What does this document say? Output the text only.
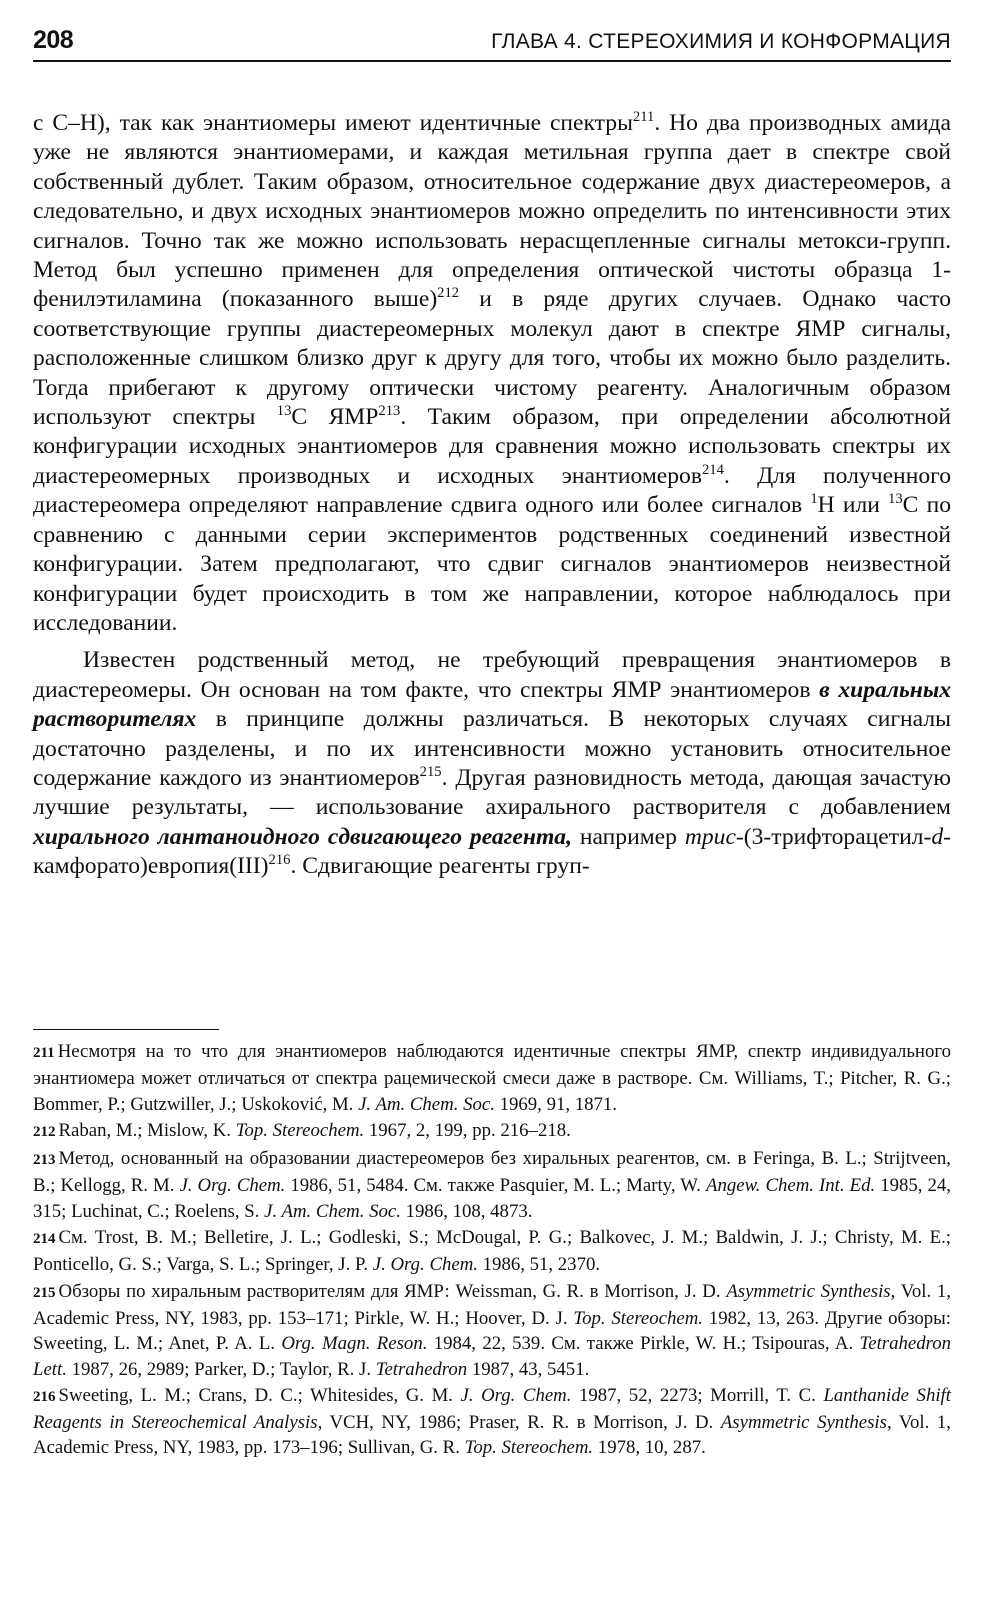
208	ГЛАВА 4. СТЕРЕОХИМИЯ И КОНФОРМАЦИЯ

с C–H), так как энантиомеры имеют идентичные спектры$^{211}$. Но два производных амида уже не являются энантиомерами, и каждая метильная группа дает в спектре свой собственный дублет. Таким образом, относительное содержание двух диастереомеров, а следовательно, и двух исходных энантиомеров можно определить по интенсивности этих сигналов. Точно так же можно использовать нерасщепленные сигналы метокси-групп. Метод был успешно применен для определения оптической чистоты образца 1-фенилэтиламина (показанного выше)$^{212}$ и в ряде других случаев. Однако часто соответствующие группы диастереомерных молекул дают в спектре ЯМР сигналы, расположенные слишком близко друг к другу для того, чтобы их можно было разделить. Тогда прибегают к другому оптически чистому реагенту. Аналогичным образом используют спектры $^{13}$C ЯМР$^{213}$. Таким образом, при определении абсолютной конфигурации исходных энантиомеров для сравнения можно использовать спектры их диастереомерных производных и исходных энантиомеров$^{214}$. Для полученного диастереомера определяют направление сдвига одного или более сигналов $^1$H или $^{13}$C по сравнению с данными серии экспериментов родственных соединений известной конфигурации. Затем предполагают, что сдвиг сигналов энантиомеров неизвестной конфигурации будет происходить в том же направлении, которое наблюдалось при исследовании.

Известен родственный метод, не требующий превращения энантиомеров в диастереомеры. Он основан на том факте, что спектры ЯМР энантиомеров в хиральных растворителях в принципе должны различаться. В некоторых случаях сигналы достаточно разделены, и по их интенсивности можно установить относительное содержание каждого из энантиомеров$^{215}$. Другая разновидность метода, дающая зачастую лучшие результаты, — использование ахирального растворителя с добавлением хирального лантаноидного сдвигающего реагента, например трис-(3-трифторацетил-d-камфорато)европия(III)$^{216}$. Сдвигающие реагенты груп-

211 Несмотря на то что для энантиомеров наблюдаются идентичные спектры ЯМР, спектр индивидуального энантиомера может отличаться от спектра рацемической смеси даже в растворе. См. Williams, T.; Pitcher, R. G.; Bommer, P.; Gutzwiller, J.; Uskoković, M. J. Am. Chem. Soc. 1969, 91, 1871.

212 Raban, M.; Mislow, K. Top. Stereochem. 1967, 2, 199, pp. 216–218.

213 Метод, основанный на образовании диастереомеров без хиральных реагентов, см. в Feringa, B. L.; Strijtveen, B.; Kellogg, R. M. J. Org. Chem. 1986, 51, 5484. См. также Pasquier, M. L.; Marty, W. Angew. Chem. Int. Ed. 1985, 24, 315; Luchinat, C.; Roelens, S. J. Am. Chem. Soc. 1986, 108, 4873.

214 См. Trost, B. M.; Belletire, J. L.; Godleski, S.; McDougal, P. G.; Balkovec, J. M.; Baldwin, J. J.; Christy, M. E.; Ponticello, G. S.; Varga, S. L.; Springer, J. P. J. Org. Chem. 1986, 51, 2370.

215 Обзоры по хиральным растворителям для ЯМР: Weissman, G. R. в Morrison, J. D. Asymmetric Synthesis, Vol. 1, Academic Press, NY, 1983, pp. 153–171; Pirkle, W. H.; Hoover, D. J. Top. Stereochem. 1982, 13, 263. Другие обзоры: Sweeting, L. M.; Anet, P. A. L. Org. Magn. Reson. 1984, 22, 539. См. также Pirkle, W. H.; Tsipouras, A. Tetrahedron Lett. 1987, 26, 2989; Parker, D.; Taylor, R. J. Tetrahedron 1987, 43, 5451.

216 Sweeting, L. M.; Crans, D. C.; Whitesides, G. M. J. Org. Chem. 1987, 52, 2273; Morrill, T. C. Lanthanide Shift Reagents in Stereochemical Analysis, VCH, NY, 1986; Praser, R. R. в Morrison, J. D. Asymmetric Synthesis, Vol. 1, Academic Press, NY, 1983, pp. 173–196; Sullivan, G. R. Top. Stereochem. 1978, 10, 287.
